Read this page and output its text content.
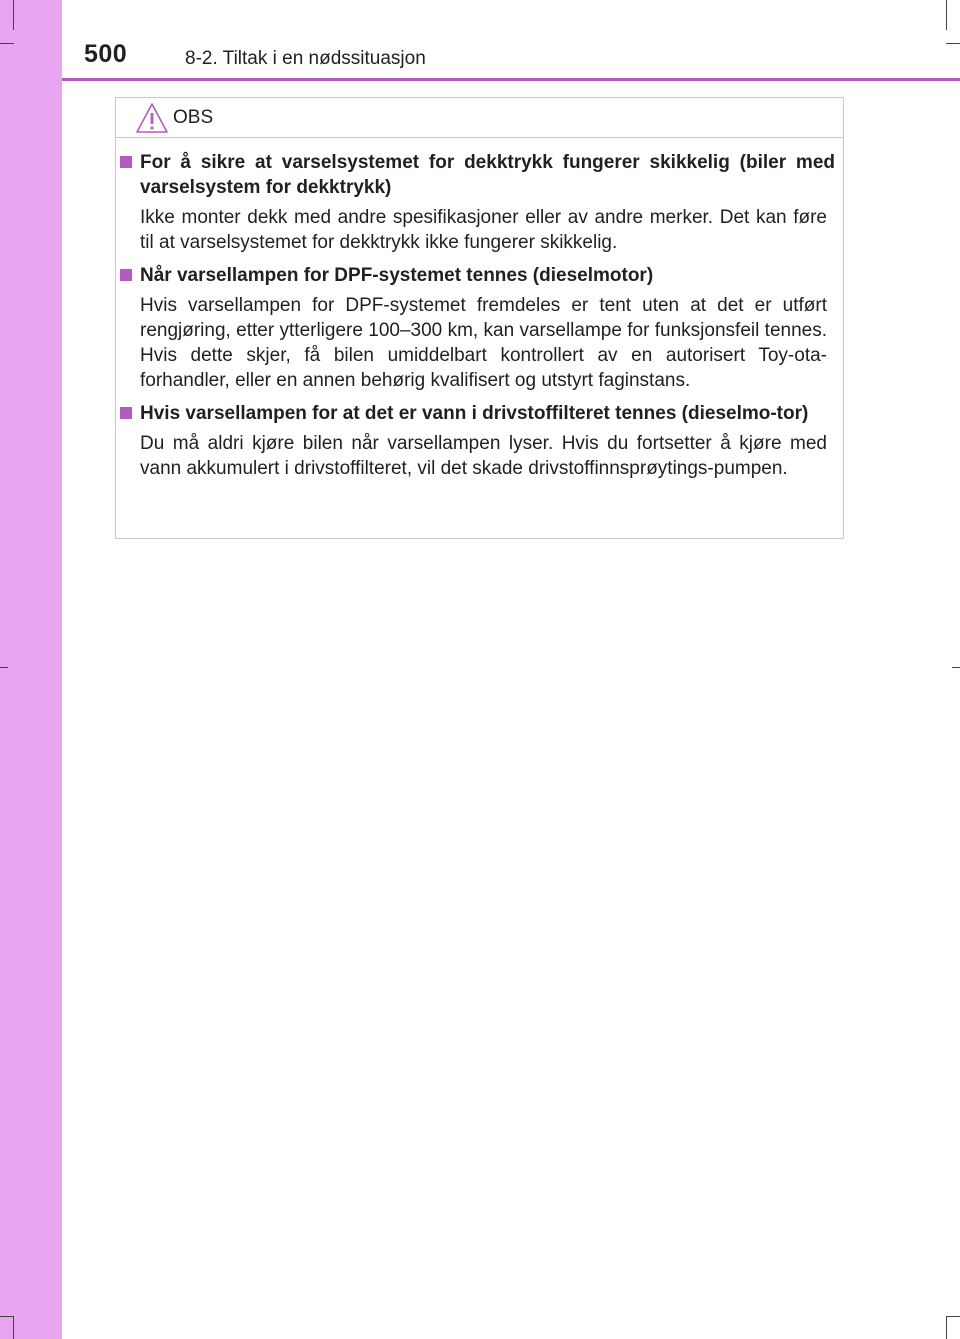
500	8-2. Tiltak i en nødssituasjon
OBS
For å sikre at varselsystemet for dekktrykk fungerer skikkelig (biler med varselsystem for dekktrykk)
Ikke monter dekk med andre spesifikasjoner eller av andre merker. Det kan føre til at varselsystemet for dekktrykk ikke fungerer skikkelig.
Når varsellampen for DPF-systemet tennes (dieselmotor)
Hvis varsellampen for DPF-systemet fremdeles er tent uten at det er utført rengjøring, etter ytterligere 100–300 km, kan varsellampe for funksjonsfeil tennes. Hvis dette skjer, få bilen umiddelbart kontrollert av en autorisert Toy-ota-forhandler, eller en annen behørig kvalifisert og utstyrt faginstans.
Hvis varsellampen for at det er vann i drivstoffilteret tennes (dieselmo-tor)
Du må aldri kjøre bilen når varsellampen lyser. Hvis du fortsetter å kjøre med vann akkumulert i drivstoffilteret, vil det skade drivstoffinnsprøytings-pumpen.
